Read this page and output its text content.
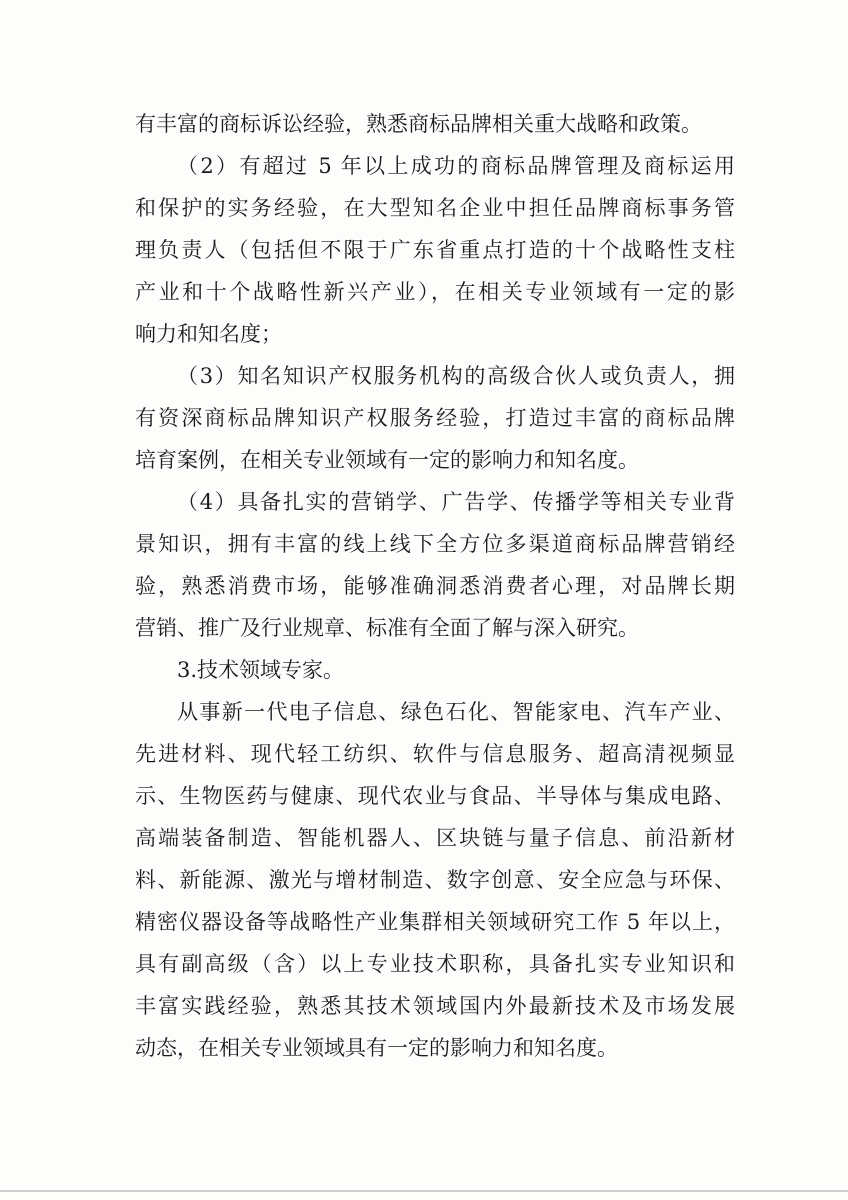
有丰富的商标诉讼经验，熟悉商标品牌相关重大战略和政策。

（2）有超过 5 年以上成功的商标品牌管理及商标运用
和保护的实务经验，在大型知名企业中担任品牌商标事务管
理负责人（包括但不限于广东省重点打造的十个战略性支柱
产业和十个战略性新兴产业），在相关专业领域有一定的影
响力和知名度；

（3）知名知识产权服务机构的高级合伙人或负责人，拥
有资深商标品牌知识产权服务经验，打造过丰富的商标品牌
培育案例，在相关专业领域有一定的影响力和知名度。

（4）具备扎实的营销学、广告学、传播学等相关专业背
景知识，拥有丰富的线上线下全方位多渠道商标品牌营销经
验，熟悉消费市场，能够准确洞悉消费者心理，对品牌长期
营销、推广及行业规章、标准有全面了解与深入研究。

3.技术领域专家。

从事新一代电子信息、绿色石化、智能家电、汽车产业、
先进材料、现代轻工纺织、软件与信息服务、超高清视频显
示、生物医药与健康、现代农业与食品、半导体与集成电路、
高端装备制造、智能机器人、区块链与量子信息、前沿新材
料、新能源、激光与增材制造、数字创意、安全应急与环保、
精密仪器设备等战略性产业集群相关领域研究工作 5 年以上，
具有副高级（含）以上专业技术职称，具备扎实专业知识和
丰富实践经验，熟悉其技术领域国内外最新技术及市场发展
动态，在相关专业领域具有一定的影响力和知名度。
